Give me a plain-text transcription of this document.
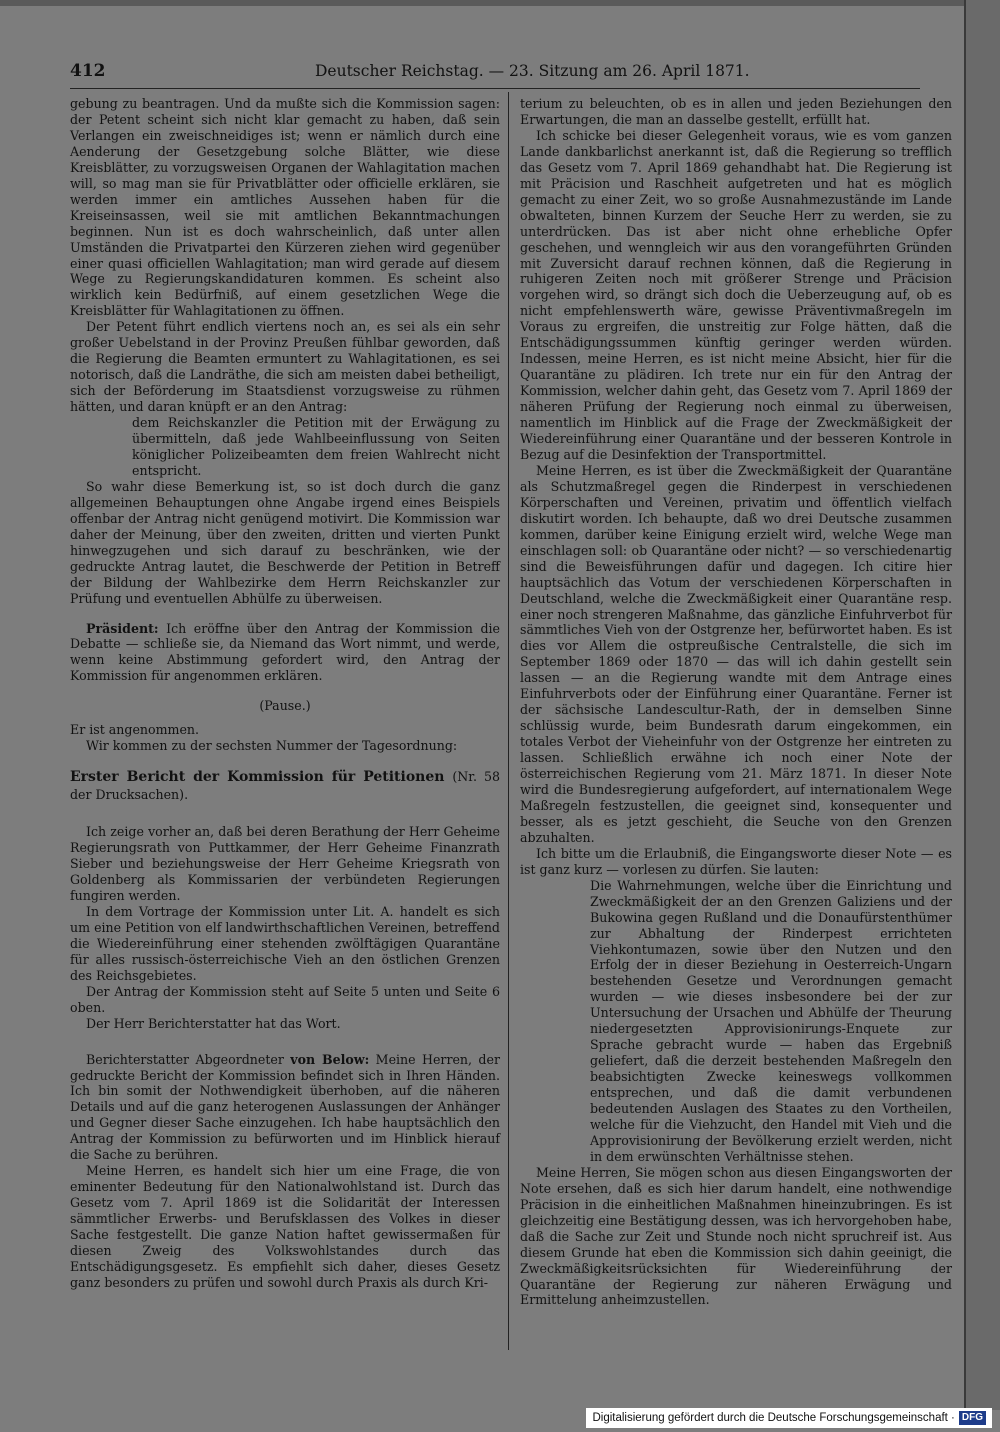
412	Deutscher Reichstag. — 23. Sitzung am 26. April 1871.

gebung zu beantragen. Und da mußte sich die Kommission sagen: der Petent scheint sich nicht klar gemacht zu haben, daß sein Verlangen ein zweischneidiges ist; wenn er nämlich durch eine Aenderung der Gesetzgebung solche Blätter, wie diese Kreisblätter, zu vorzugsweisen Organen der Wahlagitation machen will, so mag man sie für Privatblätter oder officielle erklären, sie werden immer ein amtliches Aussehen haben für die Kreiseinsassen, weil sie mit amtlichen Bekanntmachungen beginnen. Nun ist es doch wahrscheinlich, daß unter allen Umständen die Privatpartei den Kürzeren ziehen wird gegenüber einer quasi officiellen Wahlagitation; man wird gerade auf diesem Wege zu Regierungskandidaturen kommen. Es scheint also wirklich kein Bedürfniß, auf einem gesetzlichen Wege die Kreisblätter für Wahlagitationen zu öffnen.

Der Petent führt endlich viertens noch an, es sei als ein sehr großer Uebelstand in der Provinz Preußen fühlbar geworden, daß die Regierung die Beamten ermuntert zu Wahlagitationen, es sei notorisch, daß die Landräthe, die sich am meisten dabei betheiligt, sich der Beförderung im Staatsdienst vorzugsweise zu rühmen hätten, und daran knüpft er an den Antrag:

dem Reichskanzler die Petition mit der Erwägung zu übermitteln, daß jede Wahlbeeinflussung von Seiten königlicher Polizeibeamten dem freien Wahlrecht nicht entspricht.

So wahr diese Bemerkung ist, so ist doch durch die ganz allgemeinen Behauptungen ohne Angabe irgend eines Beispiels offenbar der Antrag nicht genügend motivirt. Die Kommission war daher der Meinung, über den zweiten, dritten und vierten Punkt hinwegzugehen und sich darauf zu beschränken, wie der gedruckte Antrag lautet, die Beschwerde der Petition in Betreff der Bildung der Wahlbezirke dem Herrn Reichskanzler zur Prüfung und eventuellen Abhülfe zu überweisen.

Präsident: Ich eröffne über den Antrag der Kommission die Debatte — schließe sie, da Niemand das Wort nimmt, und werde, wenn keine Abstimmung gefordert wird, den Antrag der Kommission für angenommen erklären.

(Pause.)

Er ist angenommen.

Wir kommen zu der sechsten Nummer der Tagesordnung:

Erster Bericht der Kommission für Petitionen (Nr. 58 der Drucksachen).

Ich zeige vorher an, daß bei deren Berathung der Herr Geheime Regierungsrath von Puttkammer, der Herr Geheime Finanzrath Sieber und beziehungsweise der Herr Geheime Kriegsrath von Goldenberg als Kommissarien der verbündeten Regierungen fungiren werden.

In dem Vortrage der Kommission unter Lit. A. handelt es sich um eine Petition von elf landwirthschaftlichen Vereinen, betreffend die Wiedereinführung einer stehenden zwölftägigen Quarantäne für alles russisch-österreichische Vieh an den östlichen Grenzen des Reichsgebietes.

Der Antrag der Kommission steht auf Seite 5 unten und Seite 6 oben.

Der Herr Berichterstatter hat das Wort.

Berichterstatter Abgeordneter von Below: Meine Herren, der gedruckte Bericht der Kommission befindet sich in Ihren Händen. Ich bin somit der Nothwendigkeit überhoben, auf die näheren Details und auf die ganz heterogenen Auslassungen der Anhänger und Gegner dieser Sache einzugehen. Ich habe hauptsächlich den Antrag der Kommission zu befürworten und im Hinblick hierauf die Sache zu berühren.

Meine Herren, es handelt sich hier um eine Frage, die von eminenter Bedeutung für den Nationalwohlstand ist. Durch das Gesetz vom 7. April 1869 ist die Solidarität der Interessen sämmtlicher Erwerbs- und Berufsklassen des Volkes in dieser Sache festgestellt. Die ganze Nation haftet gewissermaßen für diesen Zweig des Volkswohlstandes durch das Entschädigungsgesetz. Es empfiehlt sich daher, dieses Gesetz ganz besonders zu prüfen und sowohl durch Praxis als durch Kri-

terium zu beleuchten, ob es in allen und jeden Beziehungen den Erwartungen, die man an dasselbe gestellt, erfüllt hat.

Ich schicke bei dieser Gelegenheit voraus, wie es vom ganzen Lande dankbarlichst anerkannt ist, daß die Regierung so trefflich das Gesetz vom 7. April 1869 gehandhabt hat. Die Regierung ist mit Präcision und Raschheit aufgetreten und hat es möglich gemacht zu einer Zeit, wo so große Ausnahmezustände im Lande obwalteten, binnen Kurzem der Seuche Herr zu werden, sie zu unterdrücken. Das ist aber nicht ohne erhebliche Opfer geschehen, und wenngleich wir aus den vorangeführten Gründen mit Zuversicht darauf rechnen können, daß die Regierung in ruhigeren Zeiten noch mit größerer Strenge und Präcision vorgehen wird, so drängt sich doch die Ueberzeugung auf, ob es nicht empfehlenswerth wäre, gewisse Präventivmaßregeln im Voraus zu ergreifen, die unstreitig zur Folge hätten, daß die Entschädigungssummen künftig geringer werden würden. Indessen, meine Herren, es ist nicht meine Absicht, hier für die Quarantäne zu plädiren. Ich trete nur ein für den Antrag der Kommission, welcher dahin geht, das Gesetz vom 7. April 1869 der näheren Prüfung der Regierung noch einmal zu überweisen, namentlich im Hinblick auf die Frage der Zweckmäßigkeit der Wiedereinführung einer Quarantäne und der besseren Kontrole in Bezug auf die Desinfektion der Transportmittel.

Meine Herren, es ist über die Zweckmäßigkeit der Quarantäne als Schutzmaßregel gegen die Rinderpest in verschiedenen Körperschaften und Vereinen, privatim und öffentlich vielfach diskutirt worden. Ich behaupte, daß wo drei Deutsche zusammen kommen, darüber keine Einigung erzielt wird, welche Wege man einschlagen soll: ob Quarantäne oder nicht? — so verschiedenartig sind die Beweisführungen dafür und dagegen. Ich citire hier hauptsächlich das Votum der verschiedenen Körperschaften in Deutschland, welche die Zweckmäßigkeit einer Quarantäne resp. einer noch strengeren Maßnahme, das gänzliche Einfuhrverbot für sämmtliches Vieh von der Ostgrenze her, befürwortet haben. Es ist dies vor Allem die ostpreußische Centralstelle, die sich im September 1869 oder 1870 — das will ich dahin gestellt sein lassen — an die Regierung wandte mit dem Antrage eines Einfuhrverbots oder der Einführung einer Quarantäne. Ferner ist der sächsische Landescultur-Rath, der in demselben Sinne schlüssig wurde, beim Bundesrath darum eingekommen, ein totales Verbot der Vieheinfuhr von der Ostgrenze her eintreten zu lassen. Schließlich erwähne ich noch einer Note der österreichischen Regierung vom 21. März 1871. In dieser Note wird die Bundesregierung aufgefordert, auf internationalem Wege Maßregeln festzustellen, die geeignet sind, konsequenter und besser, als es jetzt geschieht, die Seuche von den Grenzen abzuhalten.

Ich bitte um die Erlaubniß, die Eingangsworte dieser Note — es ist ganz kurz — vorlesen zu dürfen. Sie lauten:

Die Wahrnehmungen, welche über die Einrichtung und Zweckmäßigkeit der an den Grenzen Galiziens und der Bukowina gegen Rußland und die Donaufürstenthümer zur Abhaltung der Rinderpest errichteten Viehkontumazen, sowie über den Nutzen und den Erfolg der in dieser Beziehung in Oesterreich-Ungarn bestehenden Gesetze und Verordnungen gemacht wurden — wie dieses insbesondere bei der zur Untersuchung der Ursachen und Abhülfe der Theurung niedergesetzten Approvisionirungs-Enquete zur Sprache gebracht wurde — haben das Ergebniß geliefert, daß die derzeit bestehenden Maßregeln den beabsichtigten Zwecke keineswegs vollkommen entsprechen, und daß die damit verbundenen bedeutenden Auslagen des Staates zu den Vortheilen, welche für die Viehzucht, den Handel mit Vieh und die Approvisionirung der Bevölkerung erzielt werden, nicht in dem erwünschten Verhältnisse stehen.

Meine Herren, Sie mögen schon aus diesen Eingangsworten der Note ersehen, daß es sich hier darum handelt, eine nothwendige Präcision in die einheitlichen Maßnahmen hineinzubringen. Es ist gleichzeitig eine Bestätigung dessen, was ich hervorgehoben habe, daß die Sache zur Zeit und Stunde noch nicht spruchreif ist. Aus diesem Grunde hat eben die Kommission sich dahin geeinigt, die Zweckmäßigkeitsrücksichten für Wiedereinführung der Quarantäne der Regierung zur näheren Erwägung und Ermittelung anheimzustellen.

Digitalisierung gefördert durch die Deutsche Forschungsgemeinschaft · DFG
